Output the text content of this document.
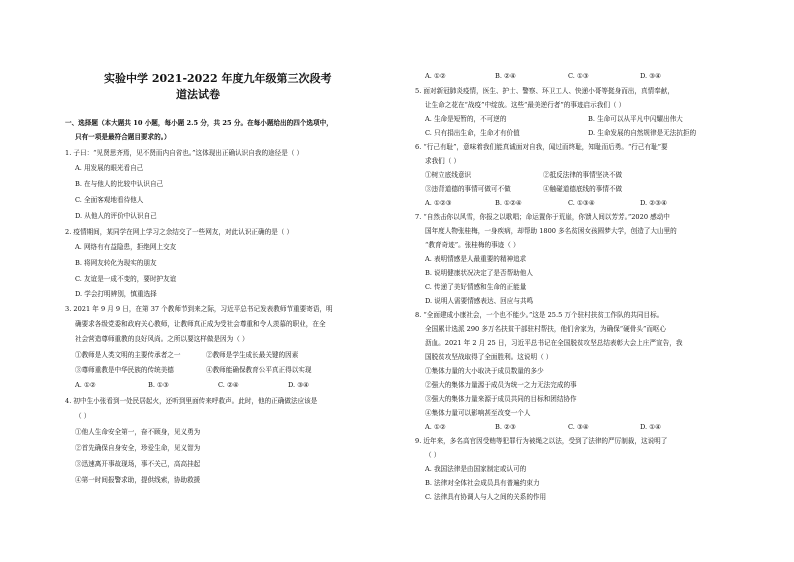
实验中学 2021-2022 年度九年级第三次段考
道法试卷
一、选择题（本大题共 10 小题，每小题 2.5 分，共 25 分。在每小题给出的四个选项中，
只有一项是最符合题目要求的。）
1. 子曰：“见贤思齐焉，见不贤而内自省也。”这体现出正确认识自我的途径是（ ）
A. 用发展的眼光看自己
B. 在与他人的比较中认识自己
C. 全面客观地看待他人
D. 从他人的评价中认识自己
2. 疫情期间，某同学在网上学习之余结交了一些网友，对此认识正确的是（ ）
A. 网络有有益隐患，拒绝网上交友
B. 将网友转化为现实的朋友
C. 友谊是一成不变的，要时护友谊
D. 学会打明辨别，慎重选择
3. 2021 年 9 月 9 日，在第 37 个教师节到来之际，习近平总书记发表教师节重要寄语，明
确要求各级党委和政府关心教师，让教师真正成为受社会尊重和令人羡慕的职业，在全
社会营造尊师重教的良好风尚。之所以要这样做是因为（ ）
①教师是人类文明的主要传承者之一	②教师是学生成长最关键的因素
③尊师重教是中华民族的传统美德	④教师能确保教育公平真正得以实现
A. ①②	B. ①③	C. ②④	D. ③④
4. 初中生小张看到一处民居起火，还听到里面传来呼救声。此时，他的正确做法应该是
（ ）
①他人生命安全第一，奋不顾身，见义勇为
②首先确保自身安全，珍爱生命，见义智为
③迅速离开事故现场，事不关己，高高挂起
④第一时间报警求助，提供线索，协助救援
A. ①②	B. ②④	C. ①③	D. ③④
5. 面对新冠肺炎疫情，医生、护士、警察、环卫工人、快递小哥等挺身而出，真情奉献，
让生命之花在“战疫”中绽放。这些“最美逆行者”的事迹启示我们（ ）
A. 生命是短暂的，不可逆的	B. 生命可以从平凡中闪耀出伟大
C. 只有捐出生命，生命才有价值	D. 生命发展的自然规律是无法抗拒的
6. “行己有耻”，意味着我们能真诚面对自我，闻过而终耻，知耻而后勇。“行己有耻”要
求我们（ ）
①树立底线意识	②抵反法律的事情坚决不做
③违背道德的事情可做可不做	④触碰道德底线的事情不做
A. ①②③	B. ①②④	C. ①③④	D. ②③④
7. “自然击你以风雪，你报之以歌唱；命运置你于荒崖，你馈人间以芳芳。”2020 感动中
国年度人物张桂梅，一身疾病，却帮助 1800 多名贫困女孩圆梦大学，创造了大山里的
“教育奇迹”。张桂梅的事迹（ ）
A. 表明情感是人最重要的精神追求
B. 说明健康状况决定了是否帮助他人
C. 传递了美好情感和生命的正能量
D. 说明人需要情感表达、回应与共鸣
8. “全面建成小康社会，一个也不能少。”这是 25.5 万个驻村扶贫工作队的共同目标。
全国累计选派 290 多万名扶贫干部驻村帮扶，他们舍家为，为确保“硬骨头”而呕心
沥血。2021 年 2 月 25 日，习近平总书记在全国脱贫攻坚总结表彰大会上庄严宣告，我
国脱贫攻坚战取得了全面胜利。这说明（ ）
①集体力量的大小取决于成员数量的多少
②强大的集体力量源于成员为统一之力无法完成的事
③强大的集体力量来源于成员共同的目标和团结协作
④集体力量可以影响甚至改变一个人
A. ①②	B. ②③	C. ③④	D. ①④
9. 近年来，多名高官因受贿等犯罪行为被绳之以法，受到了法律的严厉制裁，这说明了
（ ）
A. 我国法律是由国家制定或认可的
B. 法律对全体社会成员具有普遍约束力
C. 法律具有协调人与人之间的关系的作用
